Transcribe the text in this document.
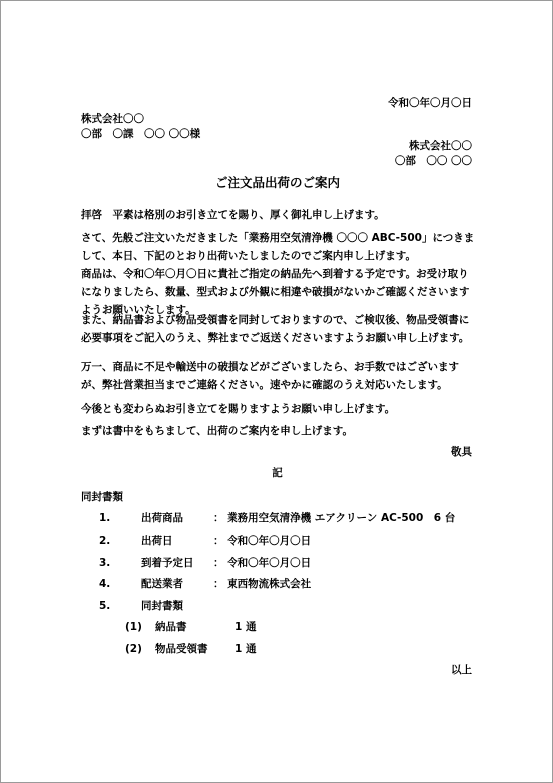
令和〇年〇月〇日
株式会社〇〇
〇部　〇課　〇〇 〇〇様
株式会社〇〇
〇部　〇〇 〇〇
ご注文品出荷のご案内
拝啓　平素は格別のお引き立てを賜り、厚く御礼申し上げます。
さて、先般ご注文いただきました「業務用空気清浄機 〇〇〇 ABC-500」につきまして、本日、下記のとおり出荷いたしましたのでご案内申し上げます。
商品は、令和〇年〇月〇日に貴社ご指定の納品先へ到着する予定です。お受け取りになりましたら、数量、型式および外観に相違や破損がないかご確認くださいますようお願いいたします。
また、納品書および物品受領書を同封しておりますので、ご検収後、物品受領書に必要事項をご記入のうえ、弊社までご返送くださいますようお願い申し上げます。
万一、商品に不足や輸送中の破損などがございましたら、お手数ではございますが、弊社営業担当までご連絡ください。速やかに確認のうえ対応いたします。
今後とも変わらぬお引き立てを賜りますようお願い申し上げます。
まずは書中をもちまして、出荷のご案内を申し上げます。
敬具
記
同封書類
1.	出荷商品	： 業務用空気清浄機 エアクリーン AC-500　6 台
2.	出荷日	： 令和〇年〇月〇日
3.	到着予定日 ： 令和〇年〇月〇日
4.	配送業者	： 東西物流株式会社
5.	同封書類
(1) 納品書	1 通
(2) 物品受領書	1 通
以上
